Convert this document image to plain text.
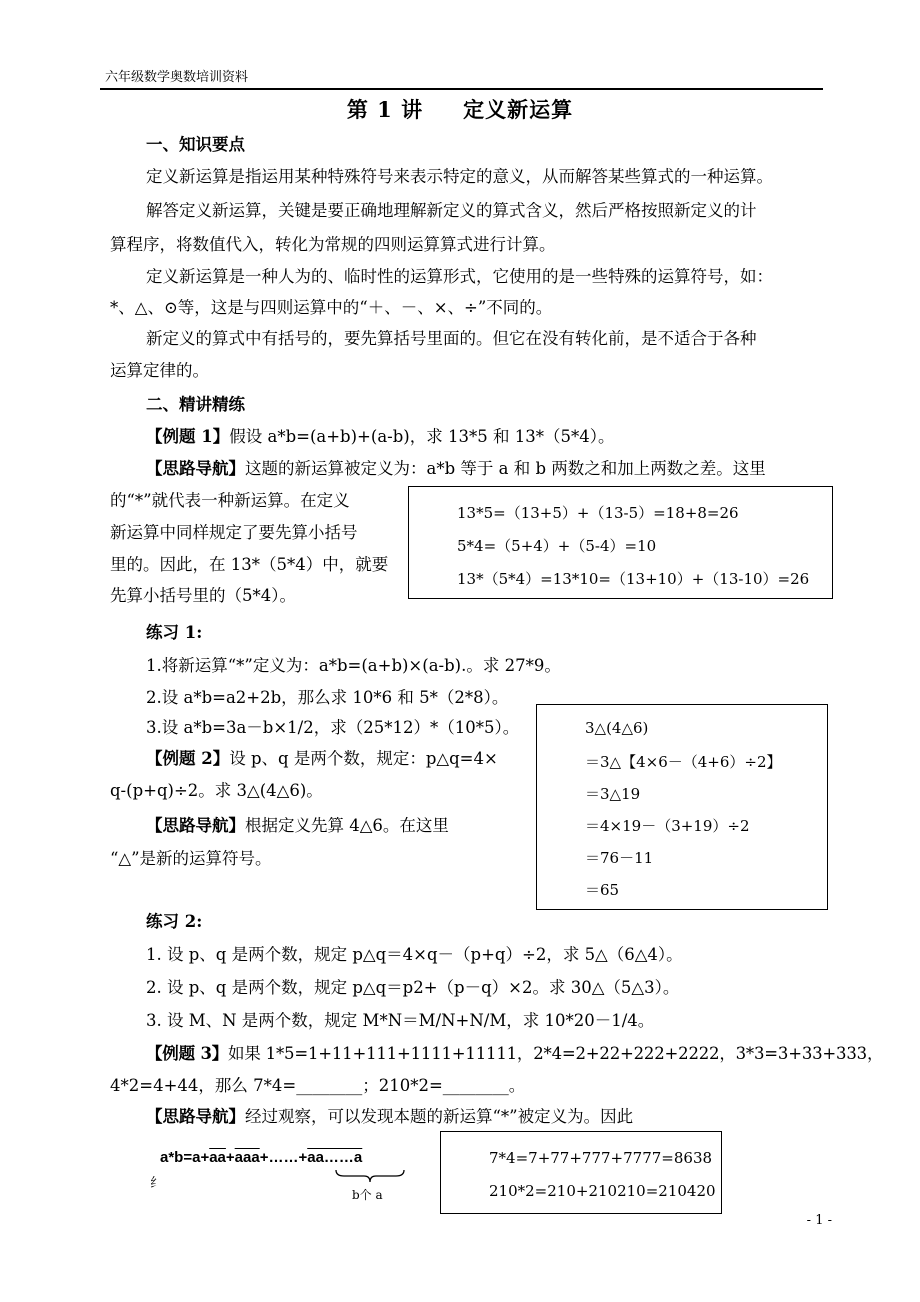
六年级数学奥数培训资料
第 1 讲 定义新运算
一、知识要点
定义新运算是指运用某种特殊符号来表示特定的意义，从而解答某些算式的一种运算。
解答定义新运算，关键是要正确地理解新定义的算式含义，然后严格按照新定义的计
算程序，将数值代入，转化为常规的四则运算算式进行计算。
定义新运算是一种人为的、临时性的运算形式，它使用的是一些特殊的运算符号，如：
*、△、⊙等，这是与四则运算中的“＋、－、×、÷”不同的。
新定义的算式中有括号的，要先算括号里面的。但它在没有转化前，是不适合于各种
运算定律的。
二、精讲精练
【例题 1】假设 a*b=(a+b)+(a-b)，求 13*5 和 13*（5*4）。
【思路导航】这题的新运算被定义为：a*b 等于 a 和 b 两数之和加上两数之差。这里
的“*”就代表一种新运算。在定义
新运算中同样规定了要先算小括号
里的。因此，在 13*（5*4）中，就要
先算小括号里的（5*4）。
13*5=（13+5）+（13-5）=18+8=26
5*4=（5+4）+（5-4）=10
13*（5*4）=13*10=（13+10）+（13-10）=26
练习 1:
1.将新运算“*”定义为：a*b=(a+b)×(a-b).。求 27*9。
2.设 a*b=a2+2b，那么求 10*6 和 5*（2*8）。
3.设 a*b=3a－b×1/2，求（25*12）*（10*5）。
【例题 2】设 p、q 是两个数，规定：p△q=4×
q-(p+q)÷2。求 3△(4△6)。
【思路导航】根据定义先算 4△6。在这里
“△”是新的运算符号。
3△(4△6)
＝3△【4×6－（4+6）÷2】
＝3△19
＝4×19－（3+19）÷2
＝76－11
＝65
练习 2:
1. 设 p、q 是两个数，规定 p△q＝4×q－（p+q）÷2，求 5△（6△4）。
2. 设 p、q 是两个数，规定 p△q＝p2+（p－q）×2。求 30△（5△3）。
3. 设 M、N 是两个数，规定 M*N＝M/N+N/M，求 10*20－1/4。
【例题 3】如果 1*5=1+11+111+1111+11111，2*4=2+22+222+2222，3*3=3+33+333，
4*2=4+44，那么 7*4=________；210*2=________。
【思路导航】经过观察，可以发现本题的新运算“*”被定义为。因此
$a*b=a+\overline{aa}+\overline{aaa}+\dots\dots+aa\dots\dots a$
纟
b个 a
7*4=7+77+777+7777=8638
210*2=210+210210=210420
- 1 -
